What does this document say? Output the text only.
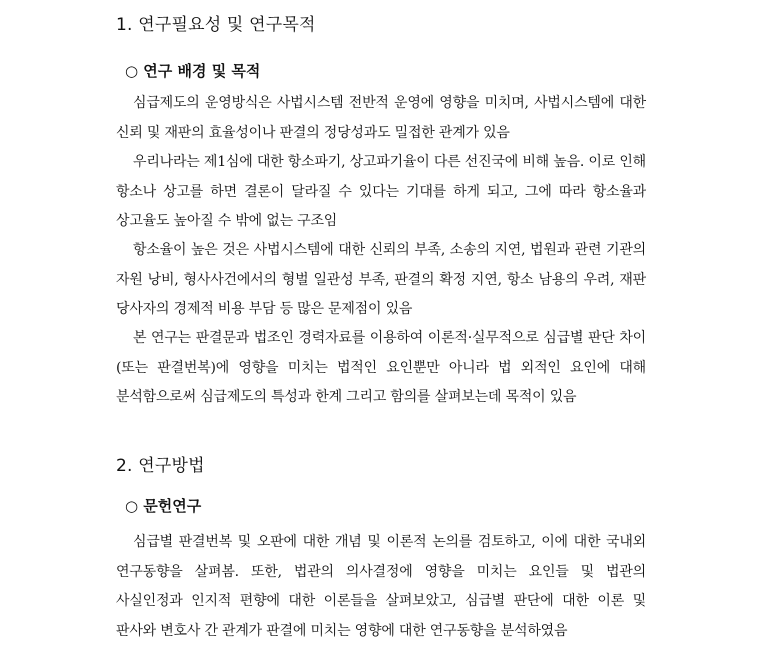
1. 연구필요성 및 연구목적
○ 연구 배경 및 목적
심급제도의 운영방식은 사법시스템 전반적 운영에 영향을 미치며, 사법시스템에 대한 신뢰 및 재판의 효율성이나 판결의 정당성과도 밀접한 관계가 있음
우리나라는 제1심에 대한 항소파기, 상고파기율이 다른 선진국에 비해 높음. 이로 인해 항소나 상고를 하면 결론이 달라질 수 있다는 기대를 하게 되고, 그에 따라 항소율과 상고율도 높아질 수 밖에 없는 구조임
항소율이 높은 것은 사법시스템에 대한 신뢰의 부족, 소송의 지연, 법원과 관련 기관의 자원 낭비, 형사사건에서의 형벌 일관성 부족, 판결의 확정 지연, 항소 남용의 우려, 재판 당사자의 경제적 비용 부담 등 많은 문제점이 있음
본 연구는 판결문과 법조인 경력자료를 이용하여 이론적·실무적으로 심급별 판단 차이(또는 판결번복)에 영향을 미치는 법적인 요인뿐만 아니라 법 외적인 요인에 대해 분석함으로써 심급제도의 특성과 한계 그리고 함의를 살펴보는데 목적이 있음
2. 연구방법
○ 문헌연구
심급별 판결번복 및 오판에 대한 개념 및 이론적 논의를 검토하고, 이에 대한 국내외 연구동향을 살펴봄. 또한, 법관의 의사결정에 영향을 미치는 요인들 및 법관의 사실인정과 인지적 편향에 대한 이론들을 살펴보았고, 심급별 판단에 대한 이론 및 판사와 변호사 간 관계가 판결에 미치는 영향에 대한 연구동향을 분석하였음
